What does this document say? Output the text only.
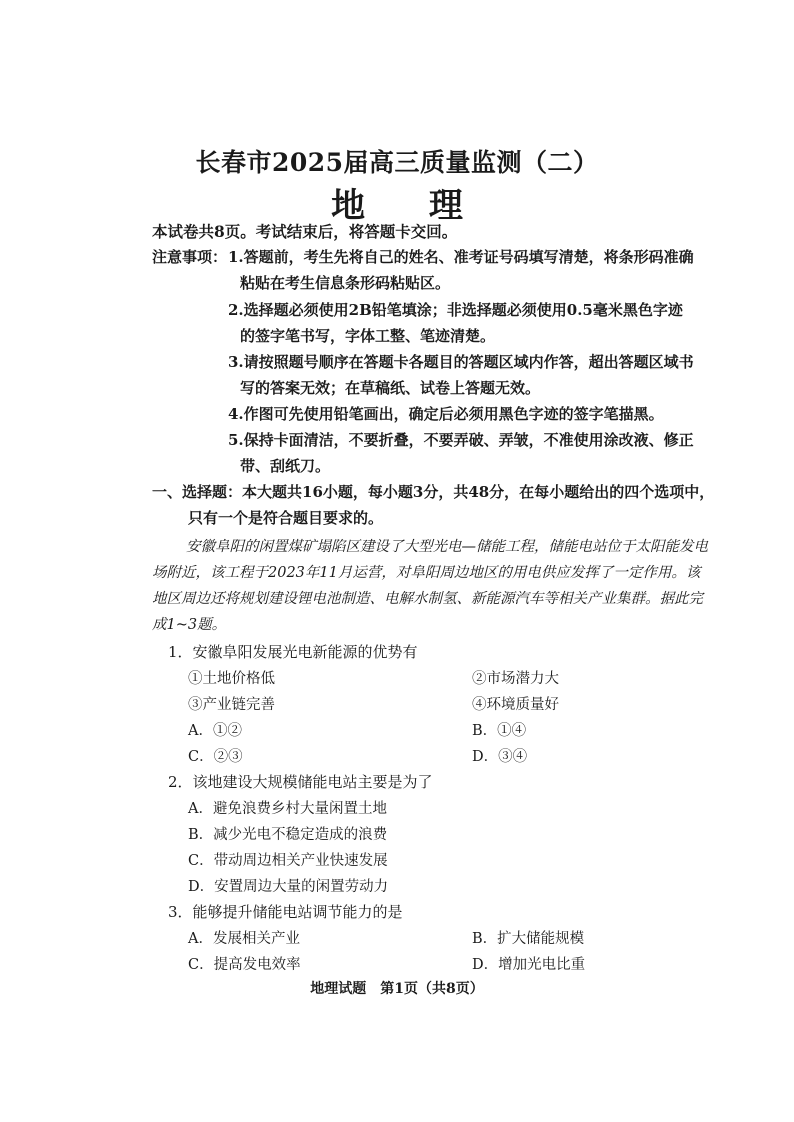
长春市2025届高三质量监测（二）
地 理
本试卷共8页。考试结束后，将答题卡交回。
注意事项： 1.答题前，考生先将自己的姓名、准考证号码填写清楚，将条形码准确
粘贴在考生信息条形码粘贴区。
2.选择题必须使用2B铅笔填涂；非选择题必须使用0.5毫米黑色字迹
的签字笔书写，字体工整、笔迹清楚。
3.请按照题号顺序在答题卡各题目的答题区域内作答，超出答题区域书
写的答案无效；在草稿纸、试卷上答题无效。
4.作图可先使用铅笔画出，确定后必须用黑色字迹的签字笔描黑。
5.保持卡面清洁，不要折叠，不要弄破、弄皱，不准使用涂改液、修正
带、刮纸刀。
一、选择题：本大题共16小题，每小题3分，共48分，在每小题给出的四个选项中，
只有一个是符合题目要求的。
安徽阜阳的闲置煤矿塌陷区建设了大型光电—储能工程，储能电站位于太阳能发电
场附近，该工程于2023年11月运营，对阜阳周边地区的用电供应发挥了一定作用。该
地区周边还将规划建设锂电池制造、电解水制氢、新能源汽车等相关产业集群。据此完
成1~3题。
1．安徽阜阳发展光电新能源的优势有
①土地价格低	②市场潜力大
③产业链完善	④环境质量好
A．①②	B．①④
C．②③	D．③④
2．该地建设大规模储能电站主要是为了
A．避免浪费乡村大量闲置土地
B．减少光电不稳定造成的浪费
C．带动周边相关产业快速发展
D．安置周边大量的闲置劳动力
3．能够提升储能电站调节能力的是
A．发展相关产业	B．扩大储能规模
C．提高发电效率	D．增加光电比重
地理试题　第1页（共8页）
